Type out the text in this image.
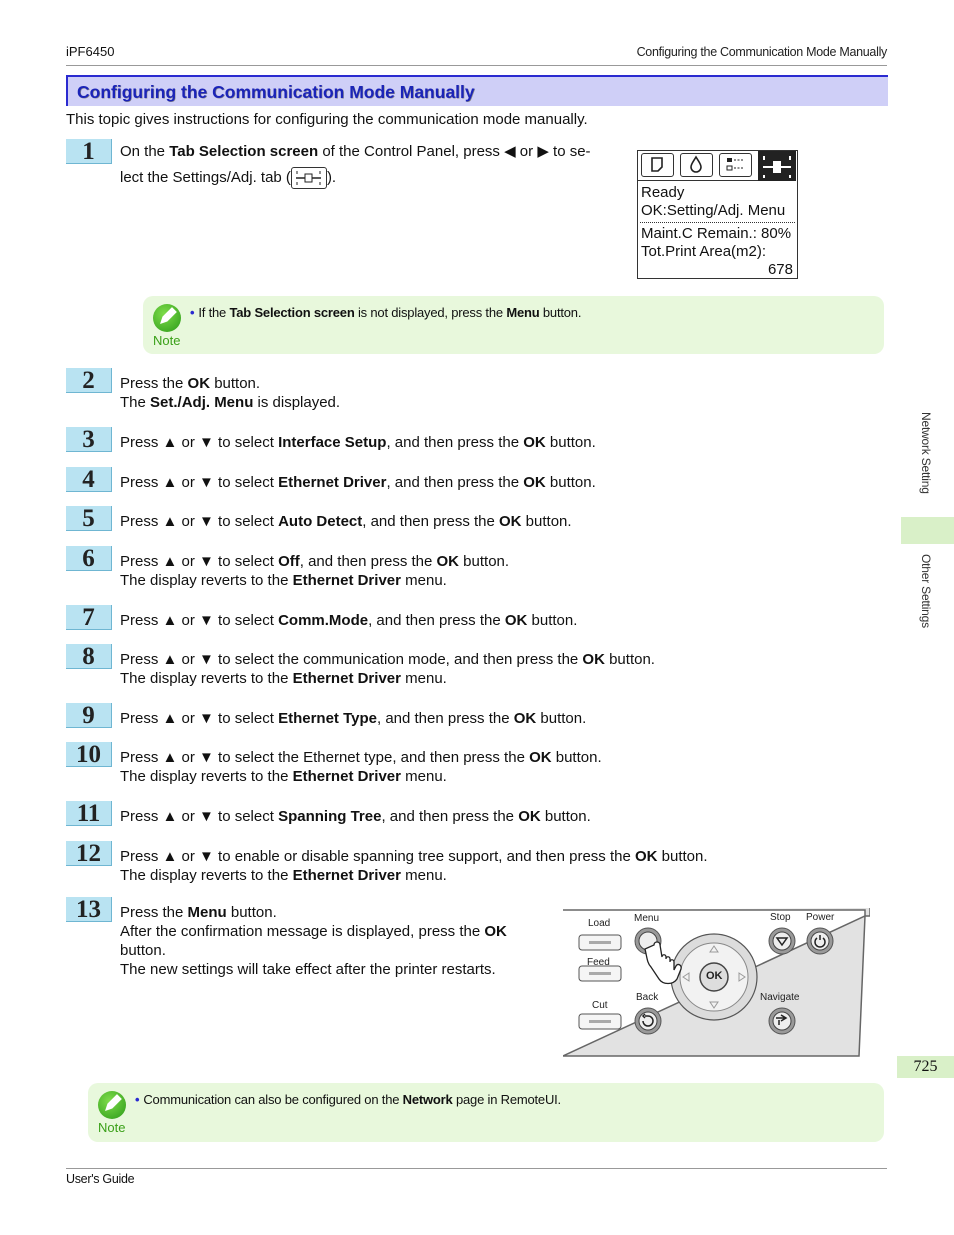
iPF6450	Configuring the Communication Mode Manually
Configuring the Communication Mode Manually
This topic gives instructions for configuring the communication mode manually.
1	On the Tab Selection screen of the Control Panel, press ◀ or ▶ to se-
lect the Settings/Adj. tab ( ).
2	Press the OK button.
The Set./Adj. Menu is displayed.
3	Press ▲ or ▼ to select Interface Setup, and then press the OK button.
4	Press ▲ or ▼ to select Ethernet Driver, and then press the OK button.
5	Press ▲ or ▼ to select Auto Detect, and then press the OK button.
6	Press ▲ or ▼ to select Off, and then press the OK button.
The display reverts to the Ethernet Driver menu.
7	Press ▲ or ▼ to select Comm.Mode, and then press the OK button.
8	Press ▲ or ▼ to select the communication mode, and then press the OK button.
The display reverts to the Ethernet Driver menu.
9	Press ▲ or ▼ to select Ethernet Type, and then press the OK button.
10	Press ▲ or ▼ to select the Ethernet type, and then press the OK button.
The display reverts to the Ethernet Driver menu.
11	Press ▲ or ▼ to select Spanning Tree, and then press the OK button.
12	Press ▲ or ▼ to enable or disable spanning tree support, and then press the OK button.
The display reverts to the Ethernet Driver menu.
13	Press the Menu button.
After the confirmation message is displayed, press the OK
button.
The new settings will take effect after the printer restarts.
Ready
OK:Setting/Adj. Menu
Maint.C Remain.: 80%
Tot.Print Area(m2):
678
Note
• If the Tab Selection screen is not displayed, press the Menu button.
Load
Feed
Cut
Menu
Back
OK
Stop Power
Navigate
Note
• Communication can also be configured on the Network page in RemoteUI.
Network Setting
Other Settings
725
User's Guide
